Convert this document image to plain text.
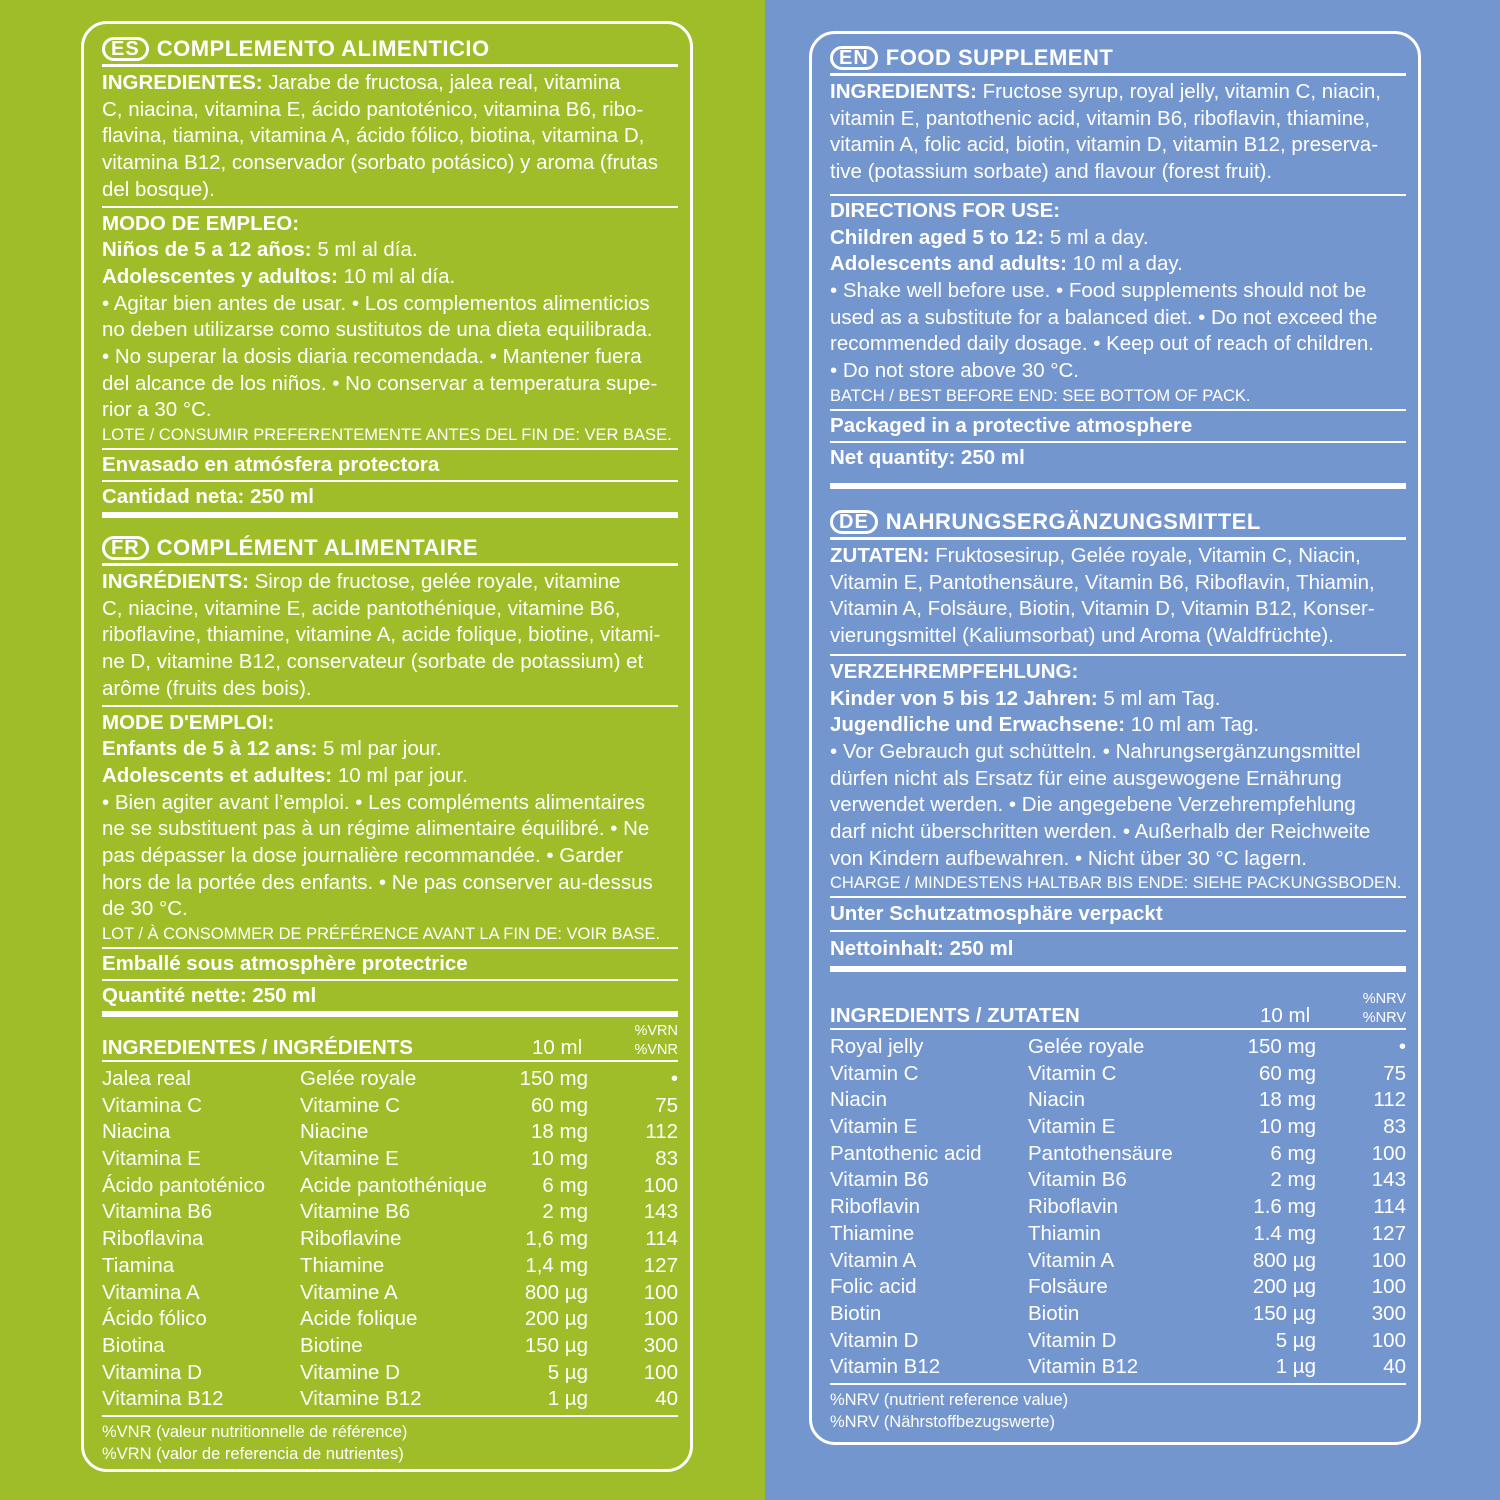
ES COMPLEMENTO ALIMENTICIO
INGREDIENTES: Jarabe de fructosa, jalea real, vitamina
C, niacina, vitamina E, ácido pantoténico, vitamina B6, ribo-
flavina, tiamina, vitamina A, ácido fólico, biotina, vitamina D,
vitamina B12, conservador (sorbato potásico) y aroma (frutas
del bosque).
MODO DE EMPLEO:
Niños de 5 a 12 años: 5 ml al día.
Adolescentes y adultos: 10 ml al día.
• Agitar bien antes de usar. • Los complementos alimenticios
no deben utilizarse como sustitutos de una dieta equilibrada.
• No superar la dosis diaria recomendada. • Mantener fuera
del alcance de los niños. • No conservar a temperatura supe-
rior a 30 °C.
LOTE / CONSUMIR PREFERENTEMENTE ANTES DEL FIN DE: VER BASE.
Envasado en atmósfera protectora
Cantidad neta: 250 ml
FR COMPLÉMENT ALIMENTAIRE
INGRÉDIENTS: Sirop de fructose, gelée royale, vitamine
C, niacine, vitamine E, acide pantothénique, vitamine B6,
riboflavine, thiamine, vitamine A, acide folique, biotine, vitami-
ne D, vitamine B12, conservateur (sorbate de potassium) et
arôme (fruits des bois).
MODE D'EMPLOI:
Enfants de 5 à 12 ans: 5 ml par jour.
Adolescents et adultes: 10 ml par jour.
• Bien agiter avant l’emploi. • Les compléments alimentaires
ne se substituent pas à un régime alimentaire équilibré. • Ne
pas dépasser la dose journalière recommandée. • Garder
hors de la portée des enfants. • Ne pas conserver au-dessus
de 30 °C.
LOT / À CONSOMMER DE PRÉFÉRENCE AVANT LA FIN DE: VOIR BASE.
Emballé sous atmosphère protectrice
Quantité nette: 250 ml
INGREDIENTES / INGRÉDIENTS	10 ml
%VRN
%VNR
Jalea real	Gelée royale	150 mg	•
Vitamina C	Vitamine C	60 mg	75
Niacina	Niacine	18 mg	112
Vitamina E	Vitamine E	10 mg	83
Ácido pantoténico	Acide pantothénique	6 mg	100
Vitamina B6	Vitamine B6	2 mg	143
Riboflavina	Riboflavine	1,6 mg	114
Tiamina	Thiamine	1,4 mg	127
Vitamina A	Vitamine A	800 µg	100
Ácido fólico	Acide folique	200 µg	100
Biotina	Biotine	150 µg	300
Vitamina D	Vitamine D	5 µg	100
Vitamina B12	Vitamine B12	1 µg	40
%VNR (valeur nutritionnelle de référence)
%VRN (valor de referencia de nutrientes)
EN FOOD SUPPLEMENT
INGREDIENTS: Fructose syrup, royal jelly, vitamin C, niacin,
vitamin E, pantothenic acid, vitamin B6, riboflavin, thiamine,
vitamin A, folic acid, biotin, vitamin D, vitamin B12, preserva-
tive (potassium sorbate) and flavour (forest fruit).
DIRECTIONS FOR USE:
Children aged 5 to 12: 5 ml a day.
Adolescents and adults: 10 ml a day.
• Shake well before use. • Food supplements should not be
used as a substitute for a balanced diet. • Do not exceed the
recommended daily dosage. • Keep out of reach of children.
• Do not store above 30 °C.
BATCH / BEST BEFORE END: SEE BOTTOM OF PACK.
Packaged in a protective atmosphere
Net quantity: 250 ml
DE NAHRUNGSERGÄNZUNGSMITTEL
ZUTATEN: Fruktosesirup, Gelée royale, Vitamin C, Niacin,
Vitamin E, Pantothensäure, Vitamin B6, Riboflavin, Thiamin,
Vitamin A, Folsäure, Biotin, Vitamin D, Vitamin B12, Konser-
vierungsmittel (Kaliumsorbat) und Aroma (Waldfrüchte).
VERZEHREMPFEHLUNG:
Kinder von 5 bis 12 Jahren: 5 ml am Tag.
Jugendliche und Erwachsene: 10 ml am Tag.
• Vor Gebrauch gut schütteln. • Nahrungsergänzungsmittel
dürfen nicht als Ersatz für eine ausgewogene Ernährung
verwendet werden. • Die angegebene Verzehrempfehlung
darf nicht überschritten werden. • Außerhalb der Reichweite
von Kindern aufbewahren. • Nicht über 30 °C lagern.
CHARGE / MINDESTENS HALTBAR BIS ENDE: SIEHE PACKUNGSBODEN.
Unter Schutzatmosphäre verpackt
Nettoinhalt: 250 ml
INGREDIENTS / ZUTATEN	10 ml
%NRV
%NRV
Royal jelly	Gelée royale	150 mg	•
Vitamin C	Vitamin C	60 mg	75
Niacin	Niacin	18 mg	112
Vitamin E	Vitamin E	10 mg	83
Pantothenic acid	Pantothensäure	6 mg	100
Vitamin B6	Vitamin B6	2 mg	143
Riboflavin	Riboflavin	1.6 mg	114
Thiamine	Thiamin	1.4 mg	127
Vitamin A	Vitamin A	800 µg	100
Folic acid	Folsäure	200 µg	100
Biotin	Biotin	150 µg	300
Vitamin D	Vitamin D	5 µg	100
Vitamin B12	Vitamin B12	1 µg	40
%NRV (nutrient reference value)
%NRV (Nährstoffbezugswerte)
